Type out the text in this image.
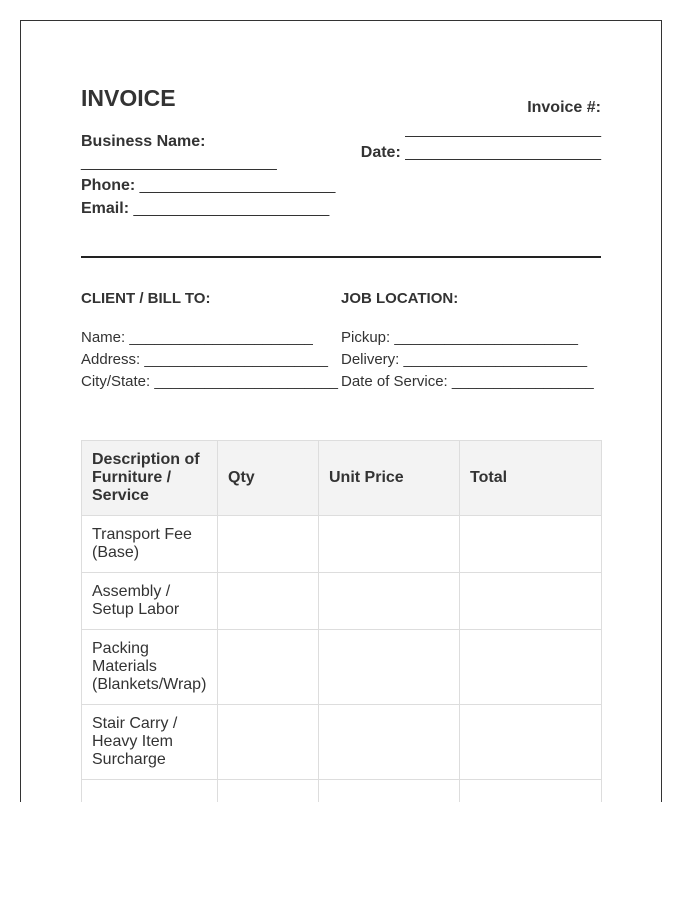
INVOICE	Invoice #:
______________________
Date: ______________________
Business Name:
______________________
Phone: ______________________
Email: ______________________
CLIENT / BILL TO:
Name: ______________________
Address: ______________________
City/State: ______________________
JOB LOCATION:
Pickup: ______________________
Delivery: ______________________
Date of Service: _________________
Description of Furniture / Service	Qty	Unit Price	Total
Transport Fee (Base)			
Assembly / Setup Labor			
Packing Materials (Blankets/Wrap)			
Stair Carry / Heavy Item Surcharge			
